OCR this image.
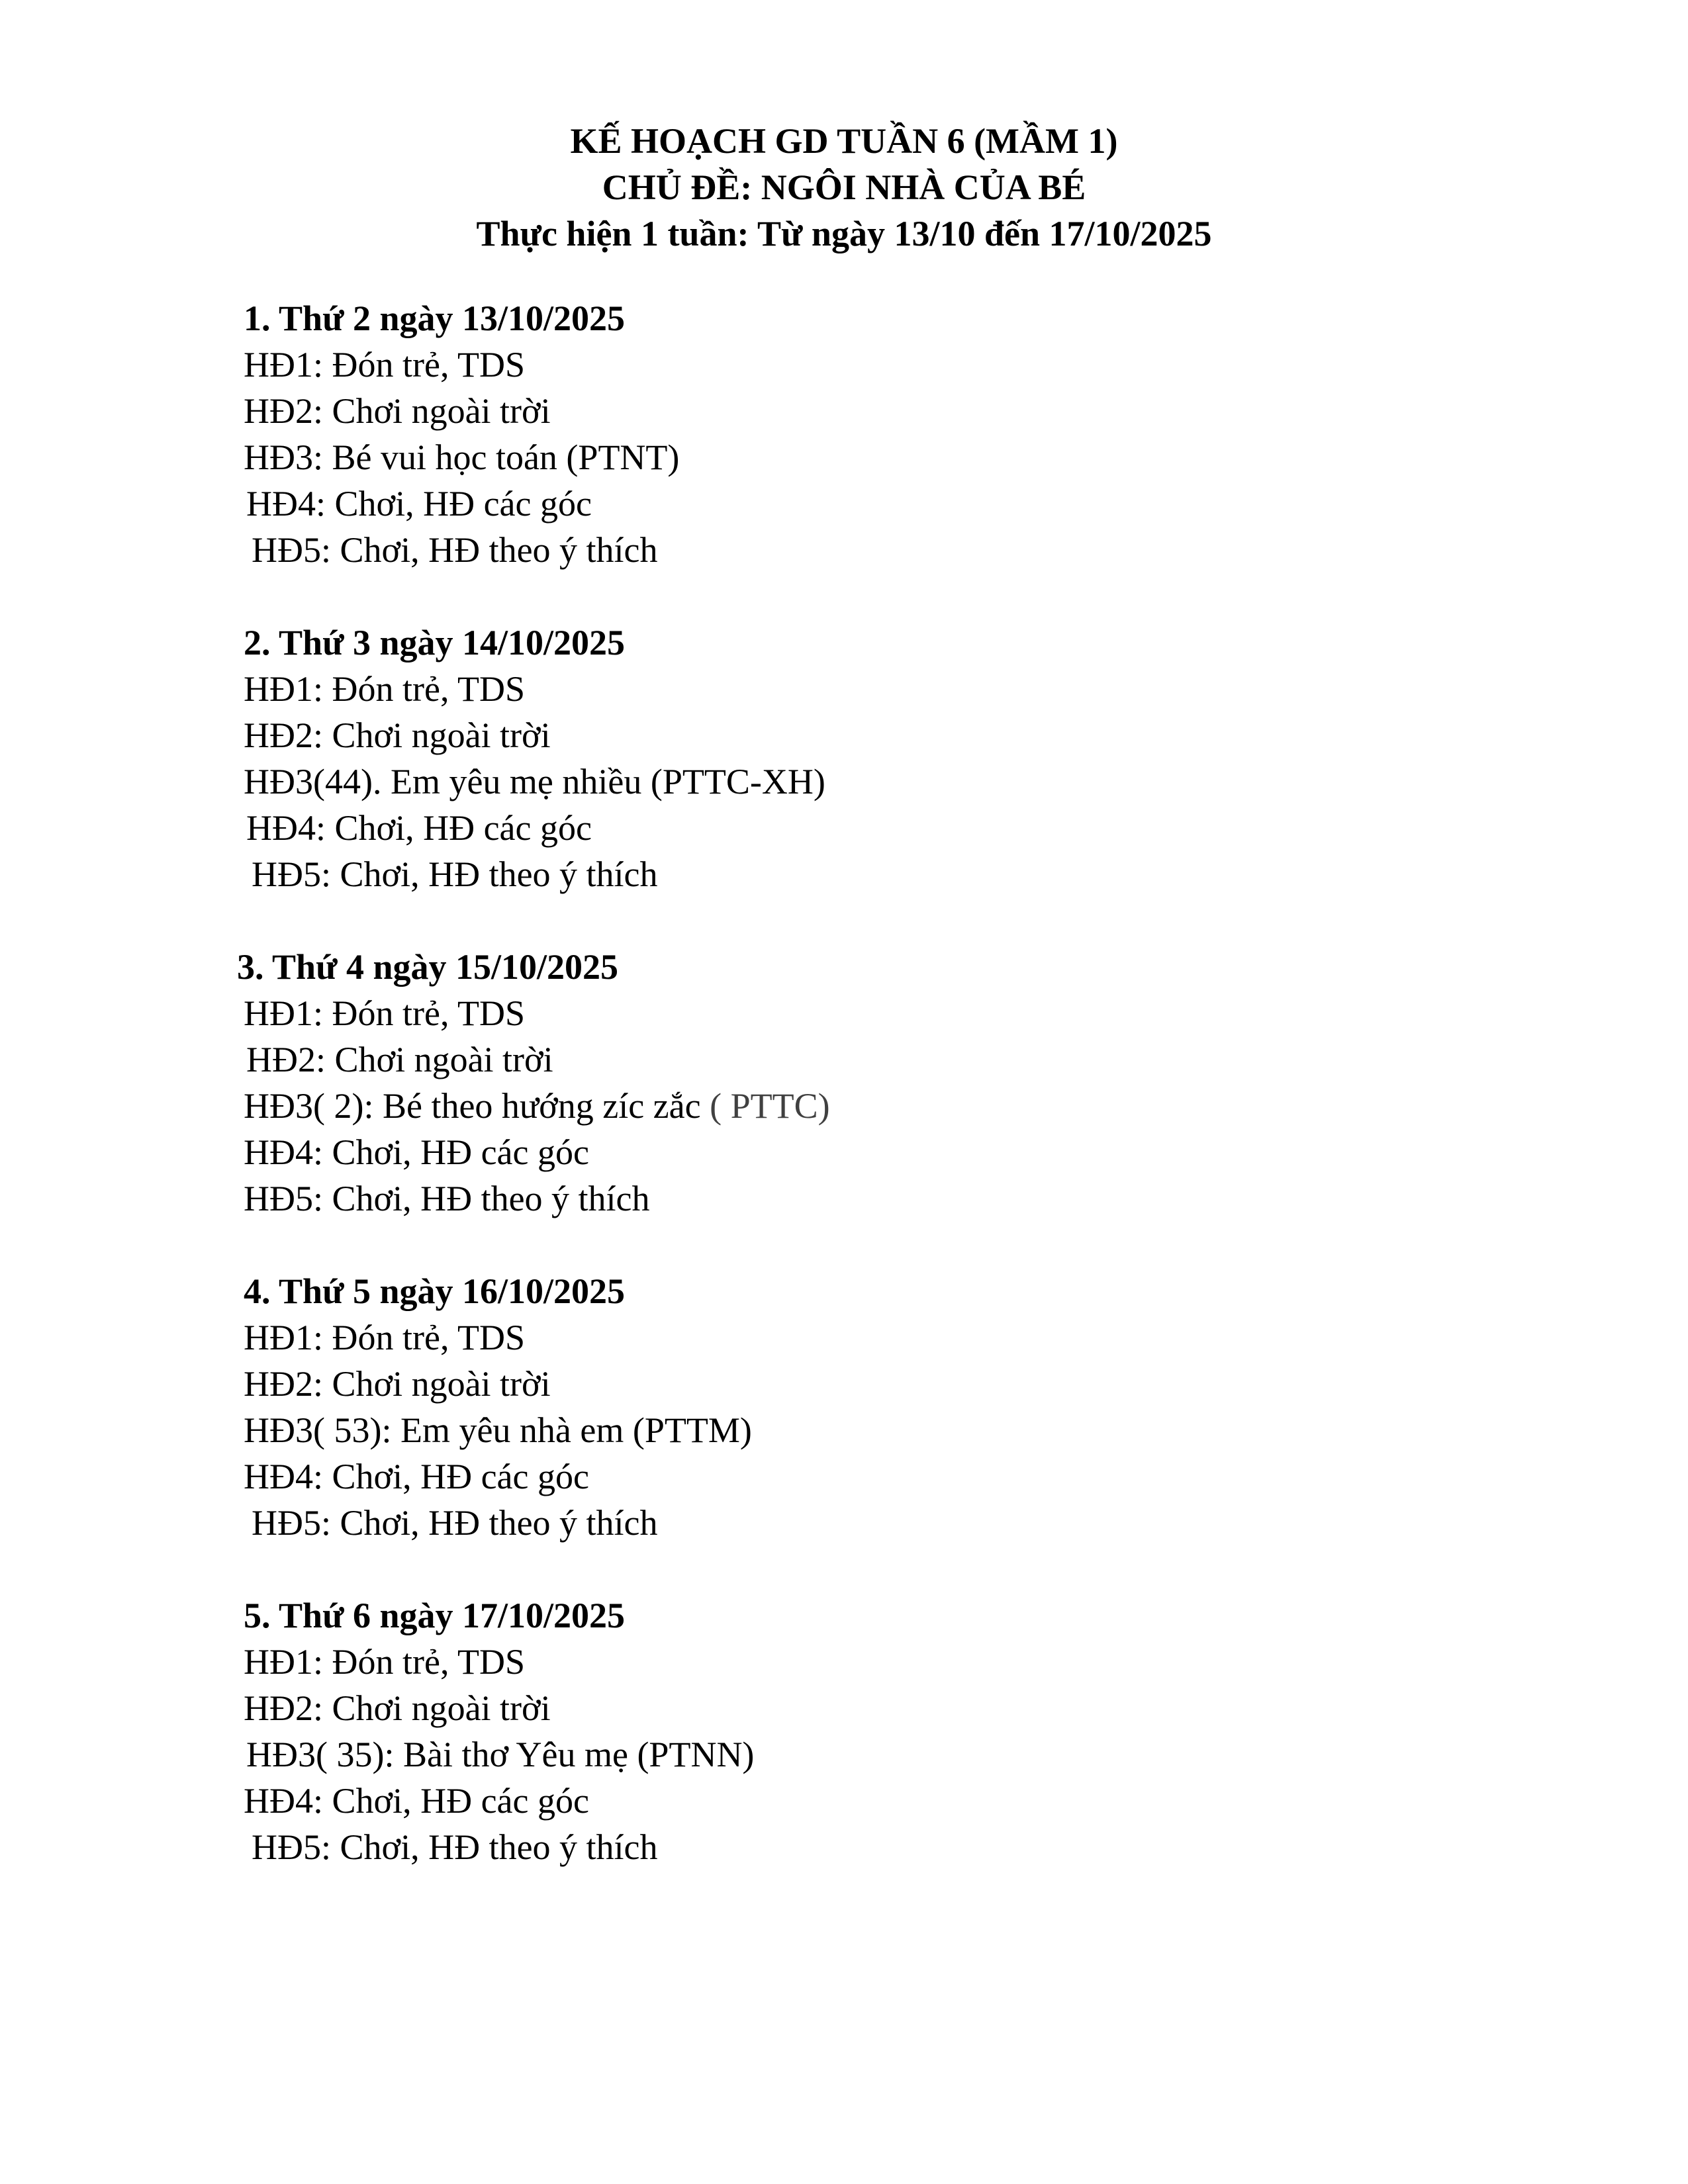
KẾ HOẠCH GD TUẦN 6 (MẦM 1)
CHỦ ĐỀ: NGÔI NHÀ CỦA BÉ
Thực hiện 1 tuần: Từ ngày 13/10 đến 17/10/2025
1. Thứ 2 ngày 13/10/2025
HĐ1: Đón trẻ, TDS
HĐ2: Chơi ngoài trời
HĐ3: Bé vui học toán (PTNT)
HĐ4: Chơi, HĐ các góc
HĐ5: Chơi, HĐ theo ý thích
2. Thứ 3 ngày 14/10/2025
HĐ1: Đón trẻ, TDS
HĐ2: Chơi ngoài trời
HĐ3(44). Em yêu mẹ nhiều (PTTC-XH)
HĐ4: Chơi, HĐ các góc
HĐ5: Chơi, HĐ theo ý thích
3. Thứ 4 ngày 15/10/2025
HĐ1: Đón trẻ, TDS
HĐ2: Chơi ngoài trời
HĐ3( 2): Bé theo hướng zíc zắc ( PTTC)
HĐ4: Chơi, HĐ các góc
HĐ5: Chơi, HĐ theo ý thích
4. Thứ 5 ngày 16/10/2025
HĐ1: Đón trẻ, TDS
HĐ2: Chơi ngoài trời
HĐ3( 53): Em yêu nhà em (PTTM)
HĐ4: Chơi, HĐ các góc
HĐ5: Chơi, HĐ theo ý thích
5. Thứ 6 ngày 17/10/2025
HĐ1: Đón trẻ, TDS
HĐ2: Chơi ngoài trời
HĐ3( 35): Bài thơ Yêu mẹ (PTNN)
HĐ4: Chơi, HĐ các góc
HĐ5: Chơi, HĐ theo ý thích
